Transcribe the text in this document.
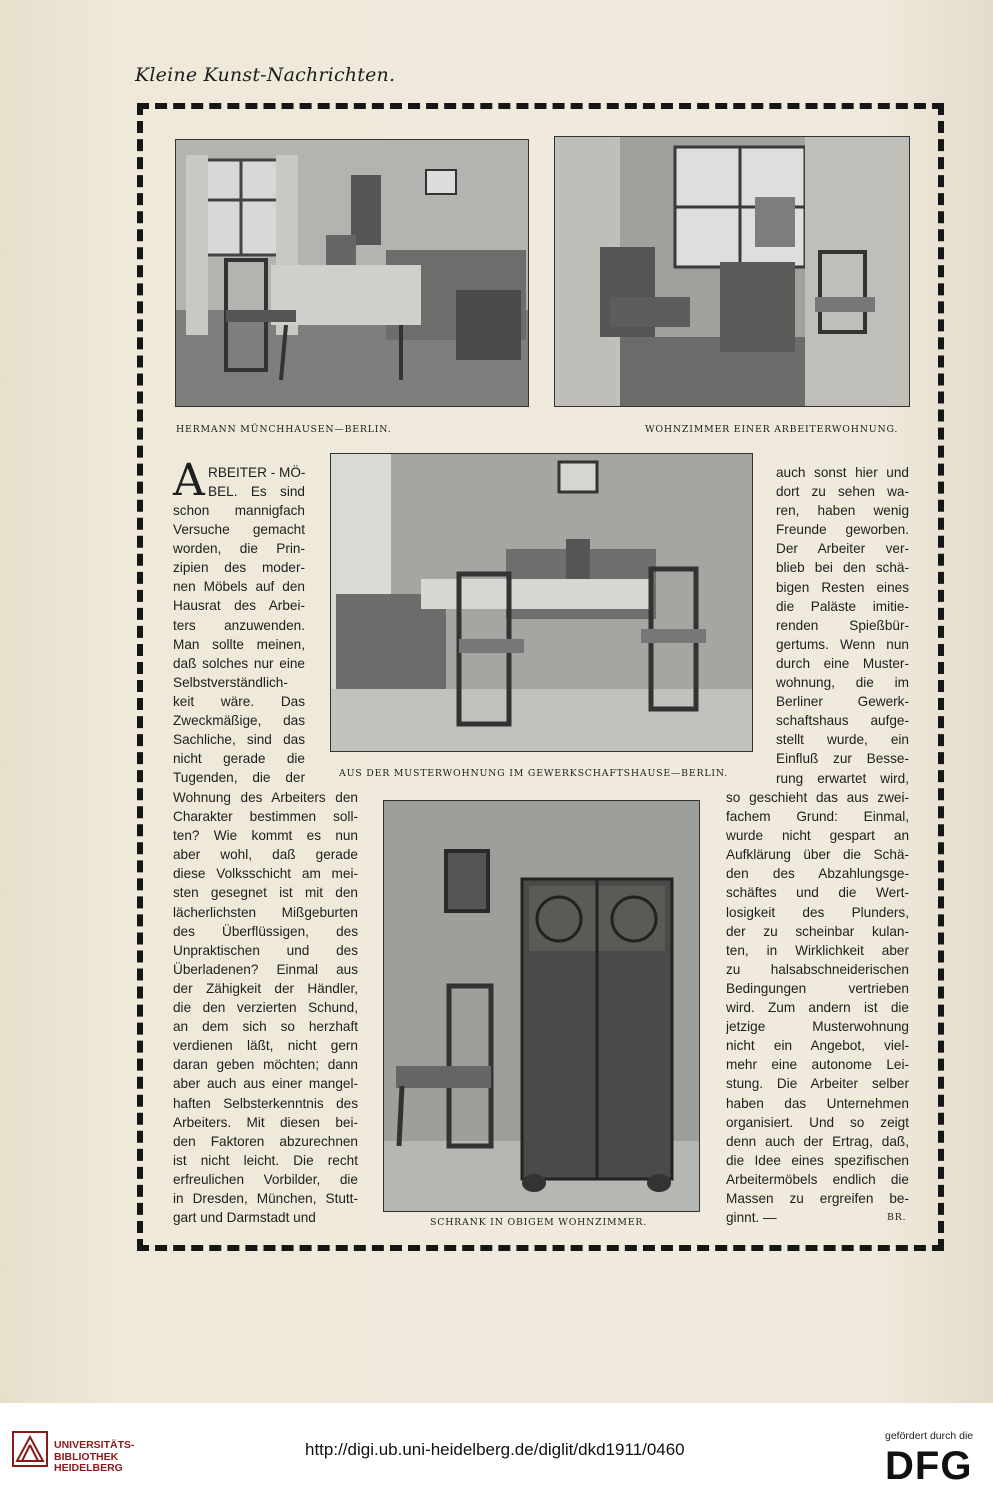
Kleine Kunst-Nachrichten.
HERMANN MÜNCHHAUSEN—BERLIN.	WOHNZIMMER EINER ARBEITERWOHNUNG.
AUS DER MUSTERWOHNUNG IM GEWERKSCHAFTSHAUSE—BERLIN.
SCHRANK IN OBIGEM WOHNZIMMER.
A RBEITER - MÖ-
BEL. Es sind
schon mannigfach
Versuche gemacht
worden, die Prin-
zipien des moder-
nen Möbels auf den
Hausrat des Arbei-
ters anzuwenden.
Man sollte meinen,
daß solches nur eine
Selbstverständlich-
keit wäre. Das
Zweckmäßige, das
Sachliche, sind das
nicht gerade die
Tugenden, die der
Wohnung des Arbeiters den
Charakter bestimmen soll-
ten? Wie kommt es nun
aber wohl, daß gerade
diese Volksschicht am mei-
sten gesegnet ist mit den
lächerlichsten Mißgeburten
des Überflüssigen, des
Unpraktischen und des
Überladenen? Einmal aus
der Zähigkeit der Händler,
die den verzierten Schund,
an dem sich so herzhaft
verdienen läßt, nicht gern
daran geben möchten; dann
aber auch aus einer mangel-
haften Selbsterkenntnis des
Arbeiters. Mit diesen bei-
den Faktoren abzurechnen
ist nicht leicht. Die recht
erfreulichen Vorbilder, die
in Dresden, München, Stutt-
gart und Darmstadt und
auch sonst hier und
dort zu sehen wa-
ren, haben wenig
Freunde geworben.
Der Arbeiter ver-
blieb bei den schä-
bigen Resten eines
die Paläste imitie-
renden Spießbür-
gertums. Wenn nun
durch eine Muster-
wohnung, die im
Berliner Gewerk-
schaftshaus aufge-
stellt wurde, ein
Einfluß zur Besse-
rung erwartet wird,
so geschieht das aus zwei-
fachem Grund: Einmal,
wurde nicht gespart an
Aufklärung über die Schä-
den des Abzahlungsge-
schäftes und die Wert-
losigkeit des Plunders,
der zu scheinbar kulan-
ten, in Wirklichkeit aber
zu halsabschneiderischen
Bedingungen vertrieben
wird. Zum andern ist die
jetzige Musterwohnung
nicht ein Angebot, viel-
mehr eine autonome Lei-
stung. Die Arbeiter selber
haben das Unternehmen
organisiert. Und so zeigt
denn auch der Ertrag, daß,
die Idee eines spezifischen
Arbeitermöbels endlich die
Massen zu ergreifen be-
ginnt. —	BR.
UNIVERSITÄTS-
BIBLIOTHEK
HEIDELBERG
http://digi.ub.uni-heidelberg.de/diglit/dkd1911/0460
gefördert durch die
DFG
